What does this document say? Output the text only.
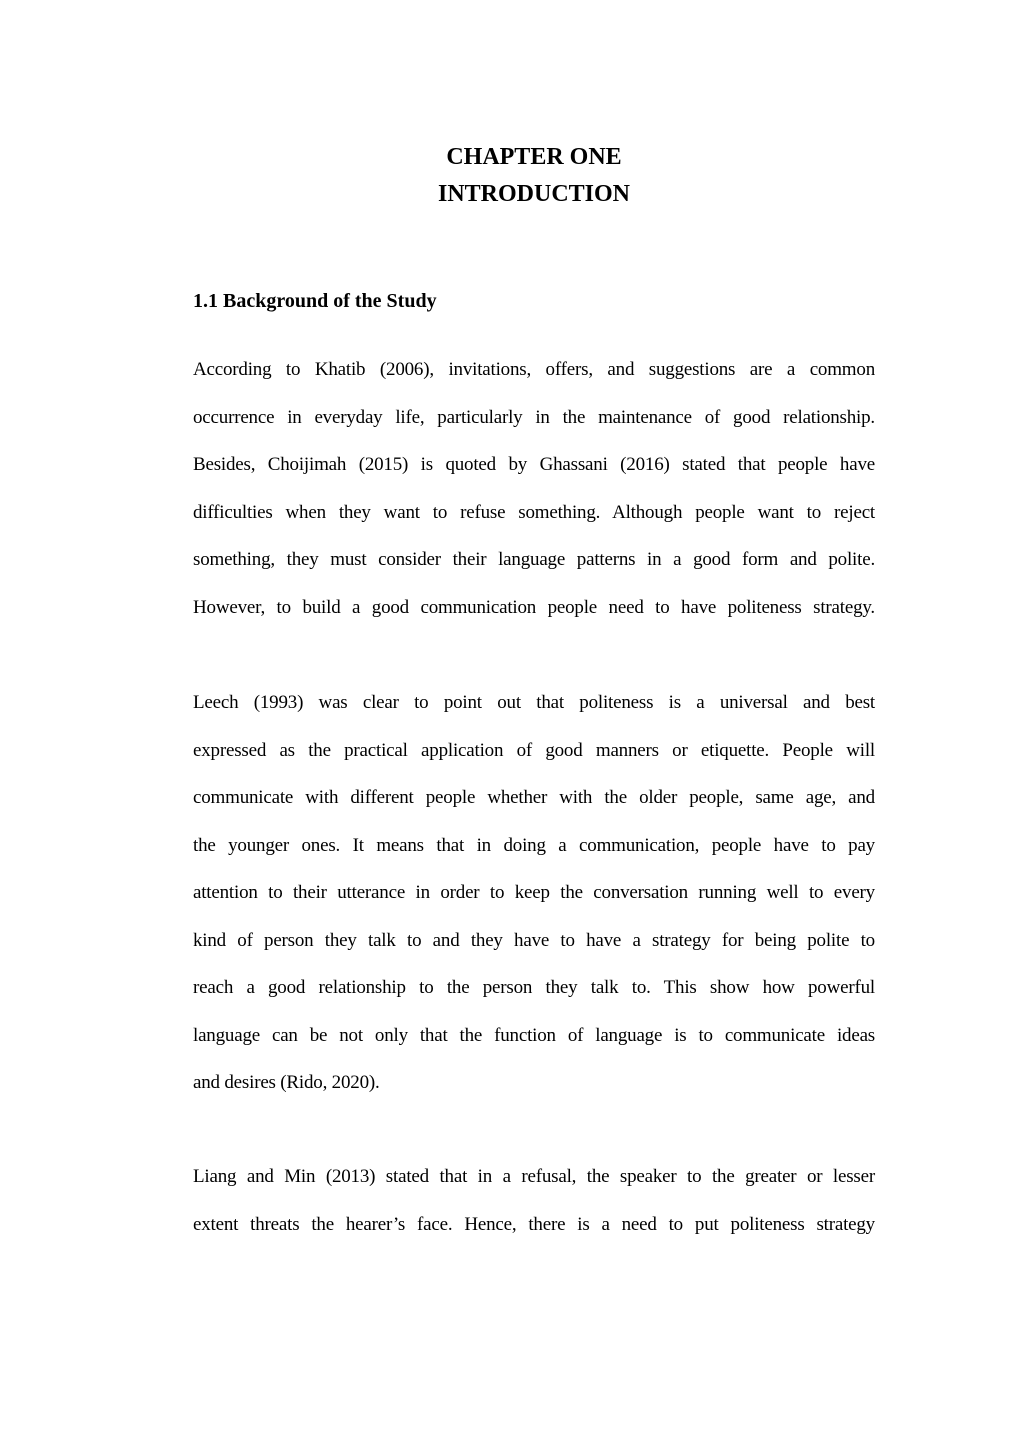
CHAPTER ONE
INTRODUCTION
1.1 Background of the Study
According to Khatib (2006), invitations, offers, and suggestions are a common
occurrence in everyday life, particularly in the maintenance of good relationship.
Besides, Choijimah (2015) is quoted by Ghassani (2016) stated that people have
difficulties when they want to refuse something. Although people want to reject
something, they must consider their language patterns in a good form and polite.
However, to build a good communication people need to have politeness strategy.
Leech (1993) was clear to point out that politeness is a universal and best
expressed as the practical application of good manners or etiquette. People will
communicate with different people whether with the older people, same age, and
the younger ones. It means that in doing a communication, people have to pay
attention to their utterance in order to keep the conversation running well to every
kind of person they talk to and they have to have a strategy for being polite to
reach a good relationship to the person they talk to. This show how powerful
language can be not only that the function of language is to communicate ideas
and desires (Rido, 2020).
Liang and Min (2013) stated that in a refusal, the speaker to the greater or lesser
extent threats the hearer’s face. Hence, there is a need to put politeness strategy
